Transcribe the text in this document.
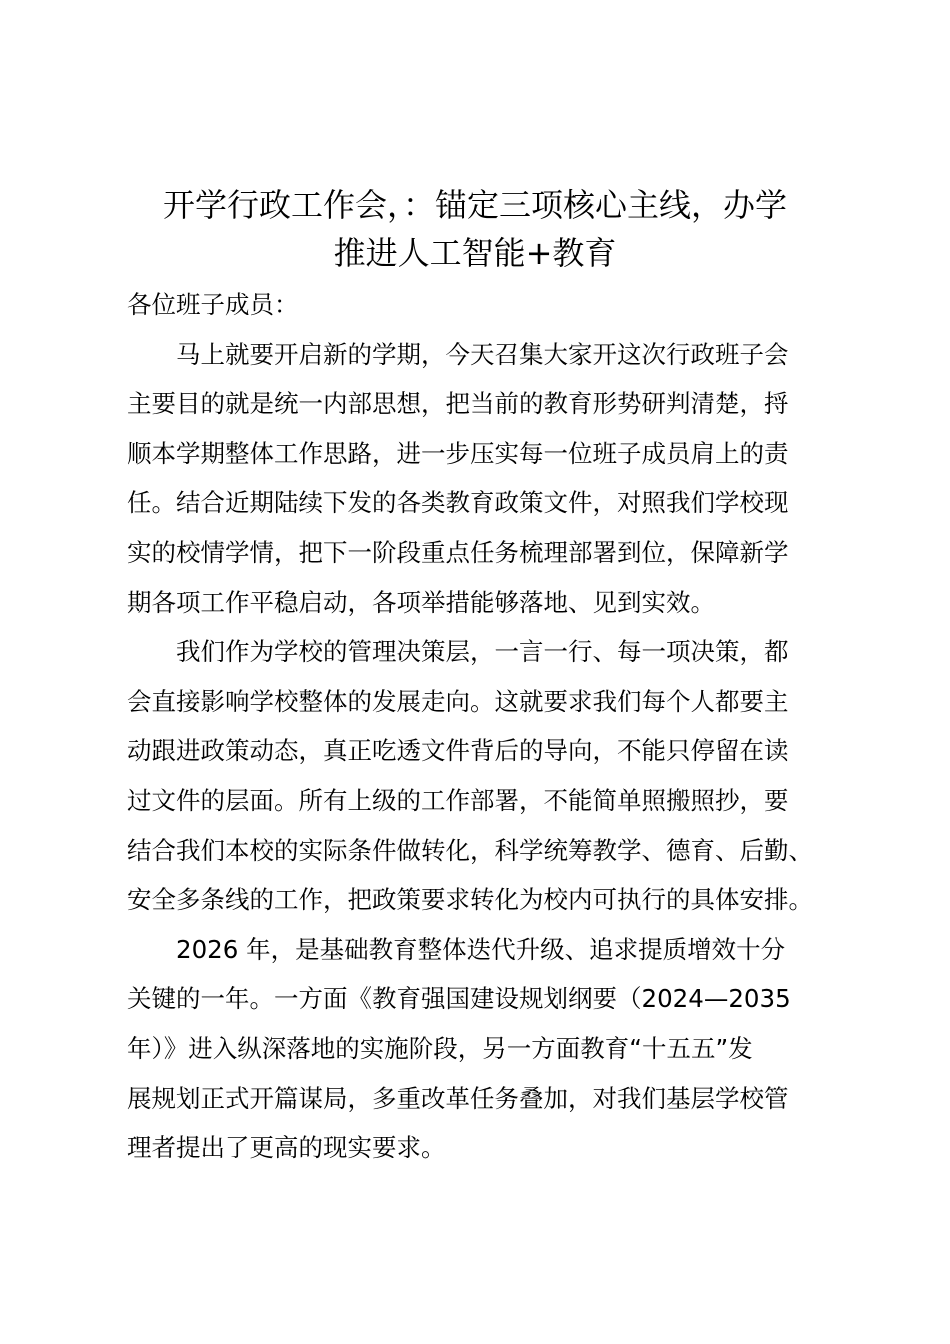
开学行政工作会，：锚定三项核心主线，办学
推进人工智能+教育

各位班子成员：

马上就要开启新的学期，今天召集大家开这次行政班子会
主要目的就是统一内部思想，把当前的教育形势研判清楚，捋
顺本学期整体工作思路，进一步压实每一位班子成员肩上的责
任。结合近期陆续下发的各类教育政策文件，对照我们学校现
实的校情学情，把下一阶段重点任务梳理部署到位，保障新学
期各项工作平稳启动，各项举措能够落地、见到实效。

我们作为学校的管理决策层，一言一行、每一项决策，都
会直接影响学校整体的发展走向。这就要求我们每个人都要主
动跟进政策动态，真正吃透文件背后的导向，不能只停留在读
过文件的层面。所有上级的工作部署，不能简单照搬照抄，要
结合我们本校的实际条件做转化，科学统筹教学、德育、后勤、
安全多条线的工作，把政策要求转化为校内可执行的具体安排。

2026 年，是基础教育整体迭代升级、追求提质增效十分
关键的一年。一方面《教育强国建设规划纲要（2024—2035
年）》进入纵深落地的实施阶段，另一方面教育“十五五”发
展规划正式开篇谋局，多重改革任务叠加，对我们基层学校管
理者提出了更高的现实要求。
